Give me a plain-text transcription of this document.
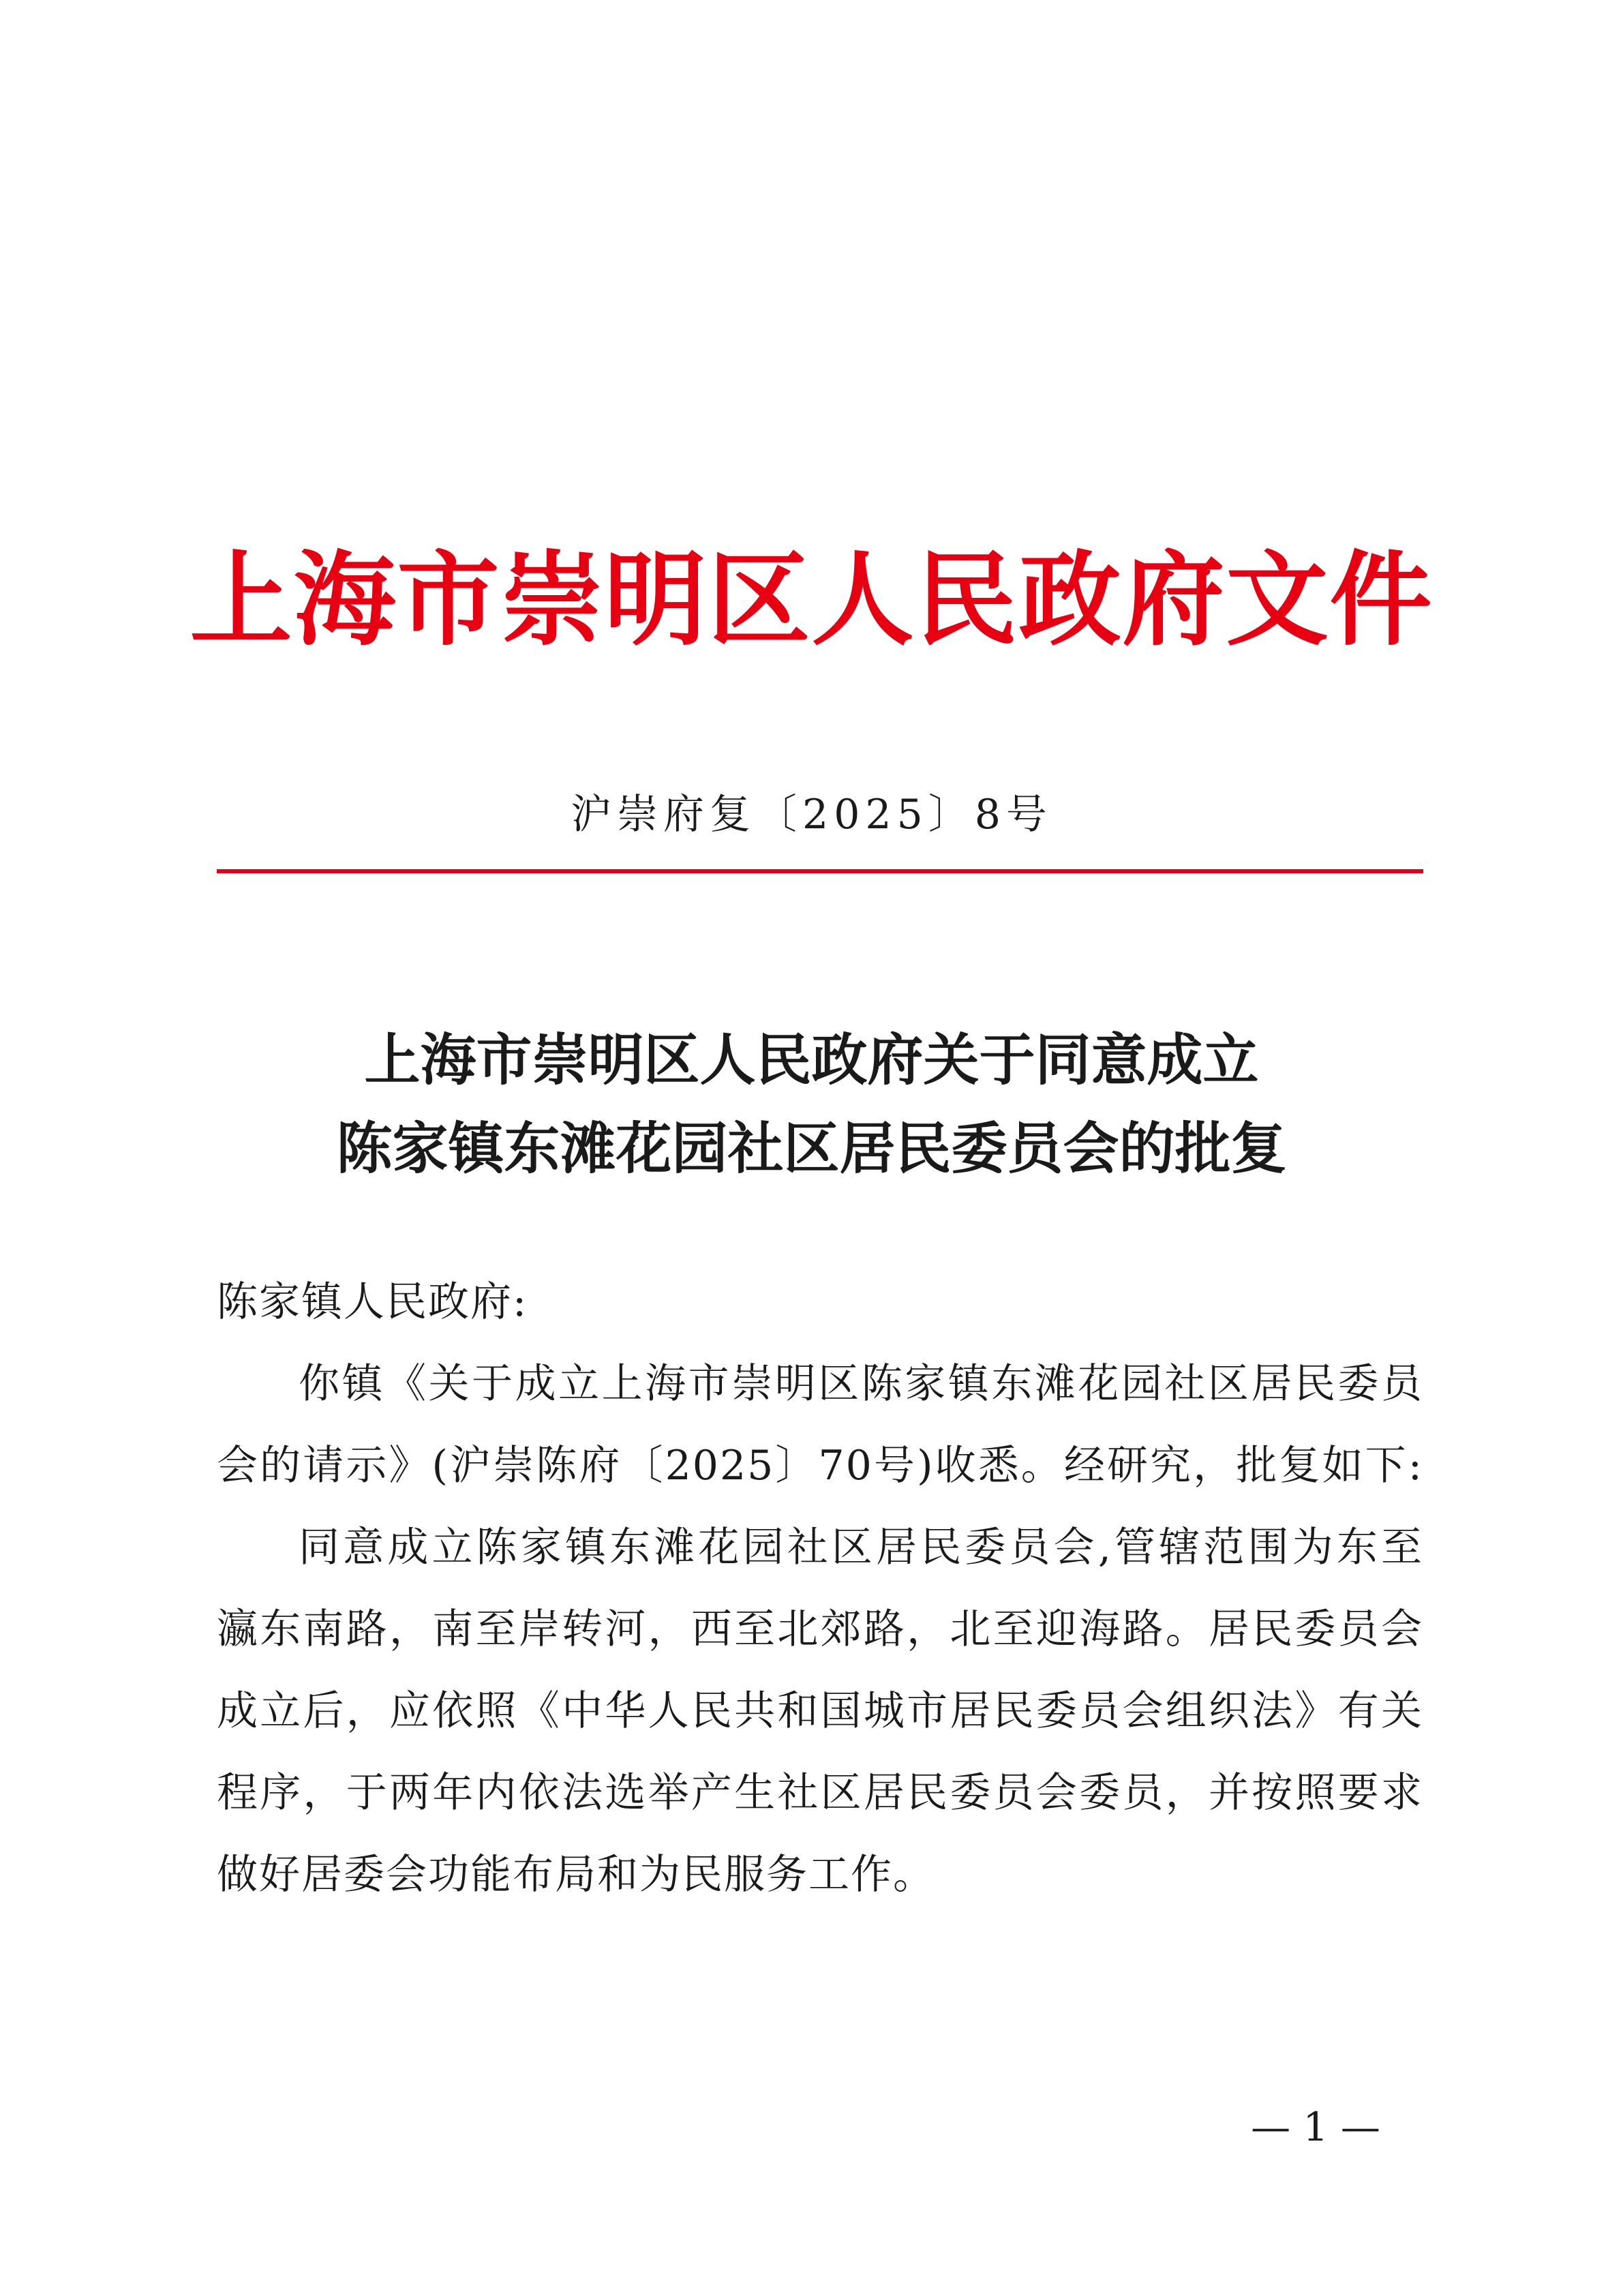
上海市崇明区人民政府文件
沪崇府复〔2025〕8号
上海市崇明区人民政府关于同意成立
陈家镇东滩花园社区居民委员会的批复
陈家镇人民政府:
你镇《关于成立上海市崇明区陈家镇东滩花园社区居民委员
会的请示》(沪崇陈府〔2025〕70号)收悉。经研究，批复如下:
同意成立陈家镇东滩花园社区居民委员会,管辖范围为东至
瀛东南路，南至岸转河，西至北郊路，北至迎海路。居民委员会
成立后，应依照《中华人民共和国城市居民委员会组织法》有关
程序，于两年内依法选举产生社区居民委员会委员，并按照要求
做好居委会功能布局和为民服务工作。
— 1 —
